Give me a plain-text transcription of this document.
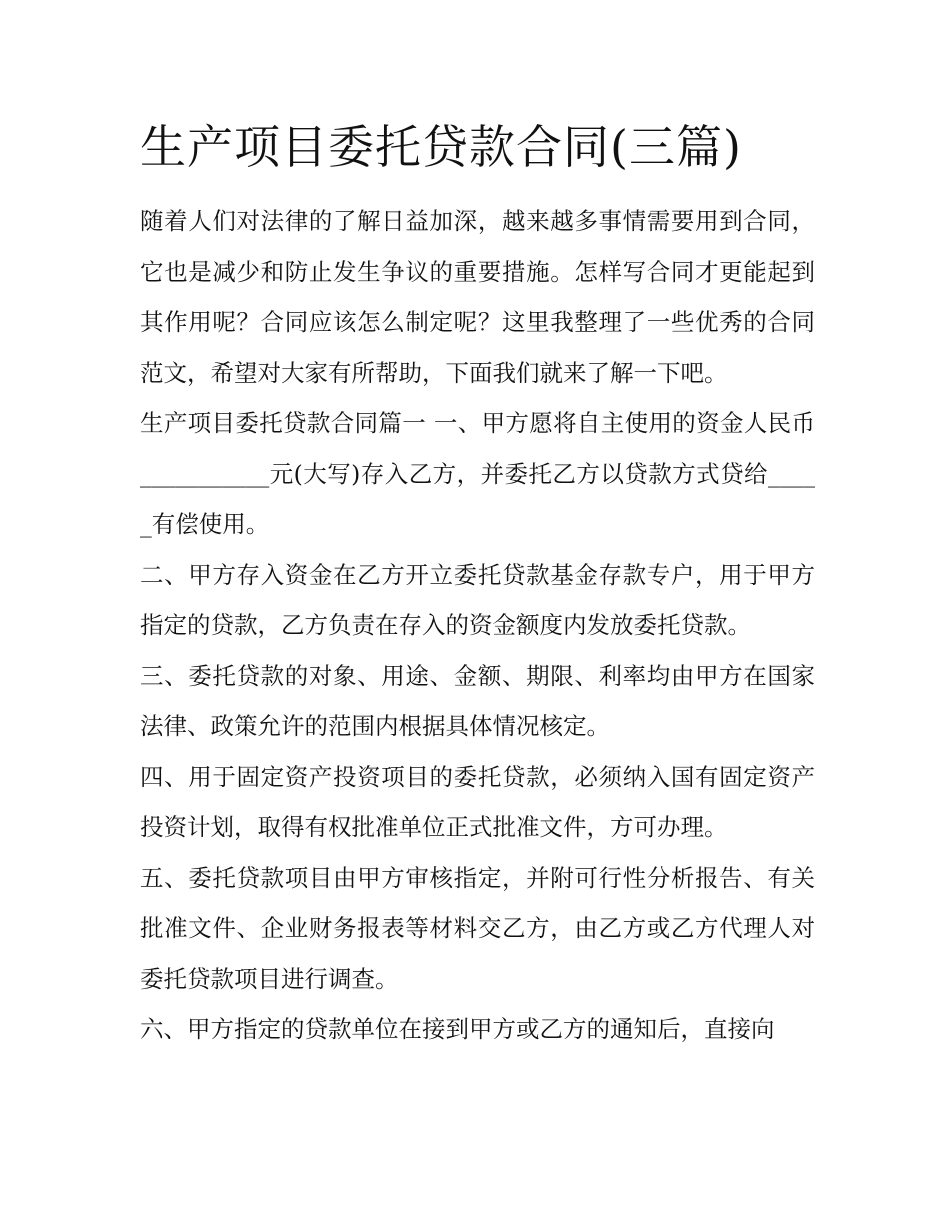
生产项目委托贷款合同(三篇)

随着人们对法律的了解日益加深，越来越多事情需要用到合同，它也是减少和防止发生争议的重要措施。怎样写合同才更能起到其作用呢？合同应该怎么制定呢？这里我整理了一些优秀的合同范文，希望对大家有所帮助，下面我们就来了解一下吧。

生产项目委托贷款合同篇一 一、甲方愿将自主使用的资金人民币___________元(大写)存入乙方，并委托乙方以贷款方式贷给_____有偿使用。

二、甲方存入资金在乙方开立委托贷款基金存款专户，用于甲方指定的贷款，乙方负责在存入的资金额度内发放委托贷款。

三、委托贷款的对象、用途、金额、期限、利率均由甲方在国家法律、政策允许的范围内根据具体情况核定。

四、用于固定资产投资项目的委托贷款，必须纳入国有固定资产投资计划，取得有权批准单位正式批准文件，方可办理。

五、委托贷款项目由甲方审核指定，并附可行性分析报告、有关批准文件、企业财务报表等材料交乙方，由乙方或乙方代理人对委托贷款项目进行调查。

六、甲方指定的贷款单位在接到甲方或乙方的通知后，直接向
